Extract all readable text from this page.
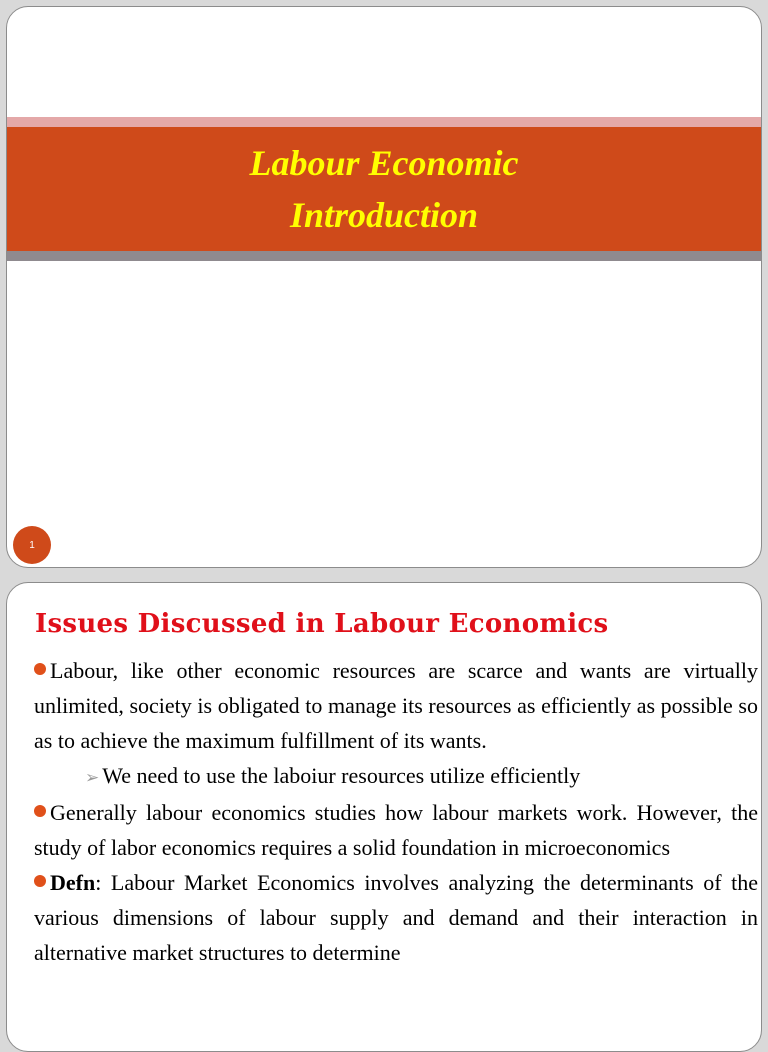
Labour Economic
Introduction
1
Issues Discussed in Labour Economics

Labour, like other economic resources are scarce and wants are virtually unlimited, society is obligated to manage its resources as efficiently as possible so as to achieve the maximum fulfillment of its wants.

➢ We need to use the laboiur resources utilize efficiently

Generally labour economics studies how labour markets work. However, the study of labor economics requires a solid foundation in microeconomics

Defn: Labour Market Economics involves analyzing the determinants of the various dimensions of labour supply and demand and their interaction in alternative market structures to determine
